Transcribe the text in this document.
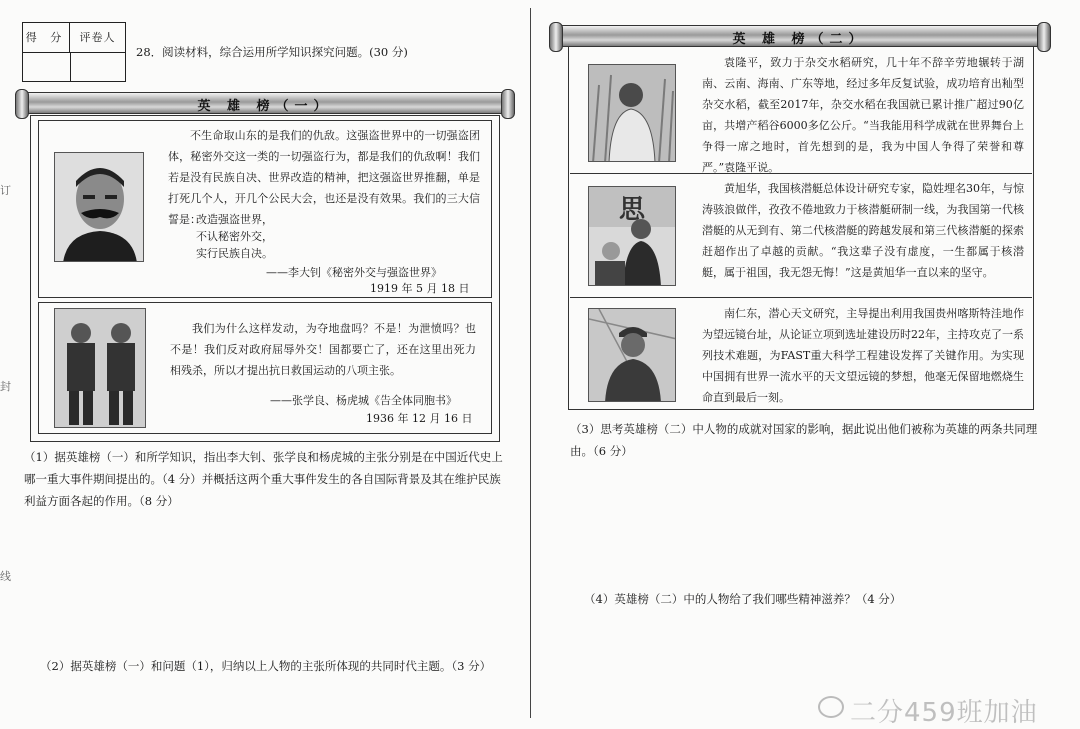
订
封
线
得 分	评卷人
28．阅读材料，综合运用所学知识探究问题。(30 分)
英 雄 榜（一）

不生命取山东的是我们的仇敌。这强盗世界中的一切强盗团体，秘密外交这一类的一切强盗行为，都是我们的仇敌啊！我们若是没有民族自决、世界改造的精神，把这强盗世界推翻，单是打死几个人，开几个公民大会，也还是没有效果。我们的三大信誓是：

改造强盗世界，
不认秘密外交，
实行民族自决。
——李大钊《秘密外交与强盗世界》
1919 年 5 月 18 日

我们为什么这样发动，为夺地盘吗？不是！为泄愤吗？也不是！我们反对政府屈辱外交！国都要亡了，还在这里出死力相残杀，所以才提出抗日救国运动的八项主张。

——张学良、杨虎城《告全体同胞书》
1936 年 12 月 16 日
（1）据英雄榜（一）和所学知识，指出李大钊、张学良和杨虎城的主张分别是在中国近代史上哪一重大事件期间提出的。（4 分）并概括这两个重大事件发生的各自国际背景及其在维护民族利益方面各起的作用。（8 分）
（2）据英雄榜（一）和问题（1），归纳以上人物的主张所体现的共同时代主题。（3 分）
英 雄 榜（二）

袁隆平，致力于杂交水稻研究，几十年不辞辛劳地辗转于湖南、云南、海南、广东等地，经过多年反复试验，成功培育出籼型杂交水稻，截至2017年，杂交水稻在我国就已累计推广超过90亿亩，共增产稻谷6000多亿公斤。“当我能用科学成就在世界舞台上争得一席之地时，首先想到的是，我为中国人争得了荣誉和尊严。”袁隆平说。

思

黄旭华，我国核潜艇总体设计研究专家，隐姓埋名30年，与惊涛骇浪做伴，孜孜不倦地致力于核潜艇研制一线，为我国第一代核潜艇的从无到有、第二代核潜艇的跨越发展和第三代核潜艇的探索赶超作出了卓越的贡献。“我这辈子没有虚度，一生都属于核潜艇，属于祖国，我无怨无悔！”这是黄旭华一直以来的坚守。

南仁东，潜心天文研究，主导提出利用我国贵州喀斯特洼地作为望远镜台址，从论证立项到选址建设历时22年，主持攻克了一系列技术难题，为FAST重大科学工程建设发挥了关键作用。为实现中国拥有世界一流水平的天文望远镜的梦想，他毫无保留地燃烧生命直到最后一刻。

（3）思考英雄榜（二）中人物的成就对国家的影响，据此说出他们被称为英雄的两条共同理由。（6 分）
（4）英雄榜（二）中的人物给了我们哪些精神滋养？（4 分）
二分459班加油
